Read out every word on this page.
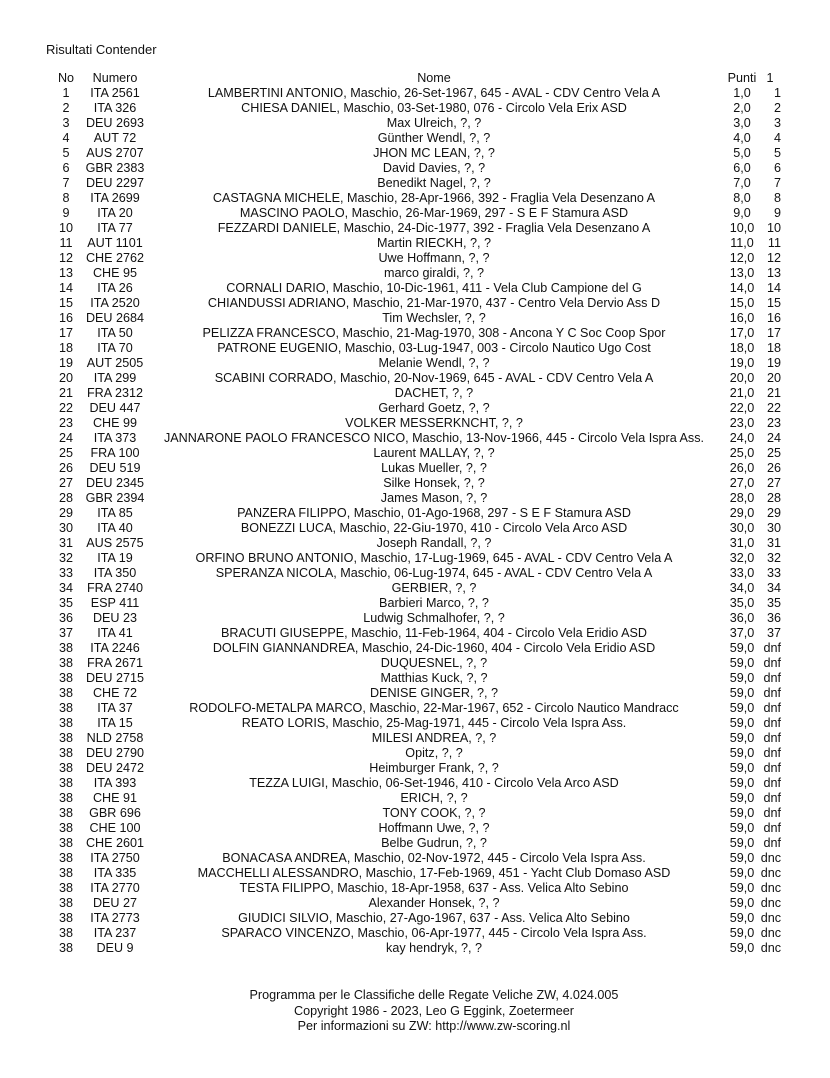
Risultati Contender
No	Numero	Nome	Punti 1
1	ITA 2561	LAMBERTINI ANTONIO, Maschio, 26-Set-1967, 645 - AVAL - CDV Centro Vela A	1,0	1
2	ITA 326	CHIESA DANIEL, Maschio, 03-Set-1980, 076 - Circolo Vela Erix ASD	2,0	2
3	DEU 2693	Max Ulreich, ?, ?	3,0	3
4	AUT 72	Günther Wendl, ?, ?	4,0	4
5	AUS 2707	JHON MC LEAN, ?, ?	5,0	5
6	GBR 2383	David Davies, ?, ?	6,0	6
7	DEU 2297	Benedikt Nagel, ?, ?	7,0	7
8	ITA 2699	CASTAGNA MICHELE, Maschio, 28-Apr-1966, 392 - Fraglia Vela Desenzano A	8,0	8
9	ITA 20	MASCINO PAOLO, Maschio, 26-Mar-1969, 297 - S E F Stamura ASD	9,0	9
10	ITA 77	FEZZARDI DANIELE, Maschio, 24-Dic-1977, 392 - Fraglia Vela Desenzano A	10,0	10
11	AUT 1101	Martin RIECKH, ?, ?	11,0	11
12	CHE 2762	Uwe Hoffmann, ?, ?	12,0	12
13	CHE 95	marco giraldi, ?, ?	13,0	13
14	ITA 26	CORNALI DARIO, Maschio, 10-Dic-1961, 411 - Vela Club Campione del G	14,0	14
15	ITA 2520	CHIANDUSSI ADRIANO, Maschio, 21-Mar-1970, 437 - Centro Vela Dervio Ass D	15,0	15
16	DEU 2684	Tim Wechsler, ?, ?	16,0	16
17	ITA 50	PELIZZA FRANCESCO, Maschio, 21-Mag-1970, 308 - Ancona Y C Soc Coop Spor	17,0	17
18	ITA 70	PATRONE EUGENIO, Maschio, 03-Lug-1947, 003 - Circolo Nautico Ugo Cost	18,0	18
19	AUT 2505	Melanie Wendl, ?, ?	19,0	19
20	ITA 299	SCABINI CORRADO, Maschio, 20-Nov-1969, 645 - AVAL - CDV Centro Vela A	20,0	20
21	FRA 2312	DACHET, ?, ?	21,0	21
22	DEU 447	Gerhard Goetz, ?, ?	22,0	22
23	CHE 99	VOLKER MESSERKNCHT, ?, ?	23,0	23
24	ITA 373	JANNARONE PAOLO FRANCESCO NICO, Maschio, 13-Nov-1966, 445 - Circolo Vela Ispra Ass.	24,0	24
25	FRA 100	Laurent MALLAY, ?, ?	25,0	25
26	DEU 519	Lukas Mueller, ?, ?	26,0	26
27	DEU 2345	Silke Honsek, ?, ?	27,0	27
28 GBR 2394	James Mason, ?, ?	28,0	28
29	ITA 85	PANZERA FILIPPO, Maschio, 01-Ago-1968, 297 - S E F Stamura ASD	29,0	29
30	ITA 40	BONEZZI LUCA, Maschio, 22-Giu-1970, 410 - Circolo Vela Arco ASD	30,0	30
31	AUS 2575	Joseph Randall, ?, ?	31,0	31
32	ITA 19	ORFINO BRUNO ANTONIO, Maschio, 17-Lug-1969, 645 - AVAL - CDV Centro Vela A	32,0	32
33	ITA 350	SPERANZA NICOLA, Maschio, 06-Lug-1974, 645 - AVAL - CDV Centro Vela A	33,0	33
34	FRA 2740	GERBIER, ?, ?	34,0	34
35	ESP 411	Barbieri Marco, ?, ?	35,0	35
36	DEU 23	Ludwig Schmalhofer, ?, ?	36,0	36
37	ITA 41	BRACUTI GIUSEPPE, Maschio, 11-Feb-1964, 404 - Circolo Vela Eridio ASD	37,0	37
38	ITA 2246	DOLFIN GIANNANDREA, Maschio, 24-Dic-1960, 404 - Circolo Vela Eridio ASD	59,0 dnf
38	FRA 2671	DUQUESNEL, ?, ?	59,0 dnf
38	DEU 2715	Matthias Kuck, ?, ?	59,0 dnf
38	CHE 72	DENISE GINGER, ?, ?	59,0 dnf
38	ITA 37	RODOLFO-METALPA MARCO, Maschio, 22-Mar-1967, 652 - Circolo Nautico Mandracc	59,0 dnf
38	ITA 15	REATO LORIS, Maschio, 25-Mag-1971, 445 - Circolo Vela Ispra Ass.	59,0 dnf
38	NLD 2758	MILESI ANDREA, ?, ?	59,0 dnf
38	DEU 2790	Opitz, ?, ?	59,0 dnf
38	DEU 2472	Heimburger Frank, ?, ?	59,0 dnf
38	ITA 393	TEZZA LUIGI, Maschio, 06-Set-1946, 410 - Circolo Vela Arco ASD	59,0 dnf
38	CHE 91	ERICH, ?, ?	59,0 dnf
38	GBR 696	TONY COOK, ?, ?	59,0 dnf
38	CHE 100	Hoffmann Uwe, ?, ?	59,0 dnf
38	CHE 2601	Belbe Gudrun, ?, ?	59,0 dnf
38	ITA 2750	BONACASA ANDREA, Maschio, 02-Nov-1972, 445 - Circolo Vela Ispra Ass.	59,0 dnc
38	ITA 335	MACCHELLI ALESSANDRO, Maschio, 17-Feb-1969, 451 - Yacht Club Domaso ASD	59,0 dnc
38	ITA 2770	TESTA FILIPPO, Maschio, 18-Apr-1958, 637 - Ass. Velica Alto Sebino	59,0 dnc
38	DEU 27	Alexander Honsek, ?, ?	59,0 dnc
38	ITA 2773	GIUDICI SILVIO, Maschio, 27-Ago-1967, 637 - Ass. Velica Alto Sebino	59,0 dnc
38	ITA 237	SPARACO VINCENZO, Maschio, 06-Apr-1977, 445 - Circolo Vela Ispra Ass.	59,0 dnc
38	DEU 9	kay hendryk, ?, ?	59,0 dnc
Programma per le Classifiche delle Regate Veliche ZW, 4.024.005
Copyright 1986 - 2023, Leo G Eggink, Zoetermeer
Per informazioni su ZW: http://www.zw-scoring.nl
